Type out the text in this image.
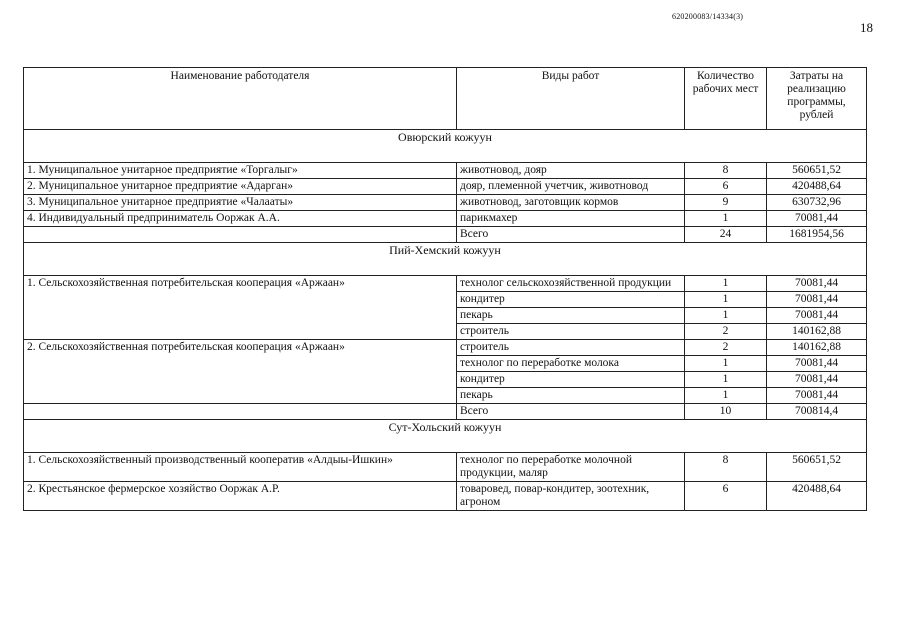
620200083/14334(3)
18
Наименование работодателя	Виды работ	Количество рабочих мест	Затраты на реализацию программы, рублей
Овюрский кожуун			
1. Муниципальное унитарное предприятие «Торгалыг»	животновод, дояр	8	560651,52
2. Муниципальное унитарное предприятие «Адарган»	дояр, племенной учетчик, животновод	6	420488,64
3. Муниципальное унитарное предприятие «Чалааты»	животновод, заготовщик кормов	9	630732,96
4. Индивидуальный предприниматель Ооржак А.А.	парикмахер	1	70081,44
	Всего	24	1681954,56
Пий-Хемский кожуун			
1. Сельскохозяйственная потребительская кооперация «Аржаан»	технолог сельскохозяйственной продукции	1	70081,44
	кондитер	1	70081,44
	пекарь	1	70081,44
	строитель	2	140162,88
2. Сельскохозяйственная потребительская кооперация «Аржаан»	строитель	2	140162,88
	технолог по переработке молока	1	70081,44
	кондитер	1	70081,44
	пекарь	1	70081,44
	Всего	10	700814,4
Сут-Хольский кожуун			
1. Сельскохозяйственный производственный кооператив «Алдыы-Ишкин»	технолог по переработке молочной продукции, маляр	8	560651,52
2. Крестьянское фермерское хозяйство Ооржак А.Р.	товаровед, повар-кондитер, зоотехник, агроном	6	420488,64
